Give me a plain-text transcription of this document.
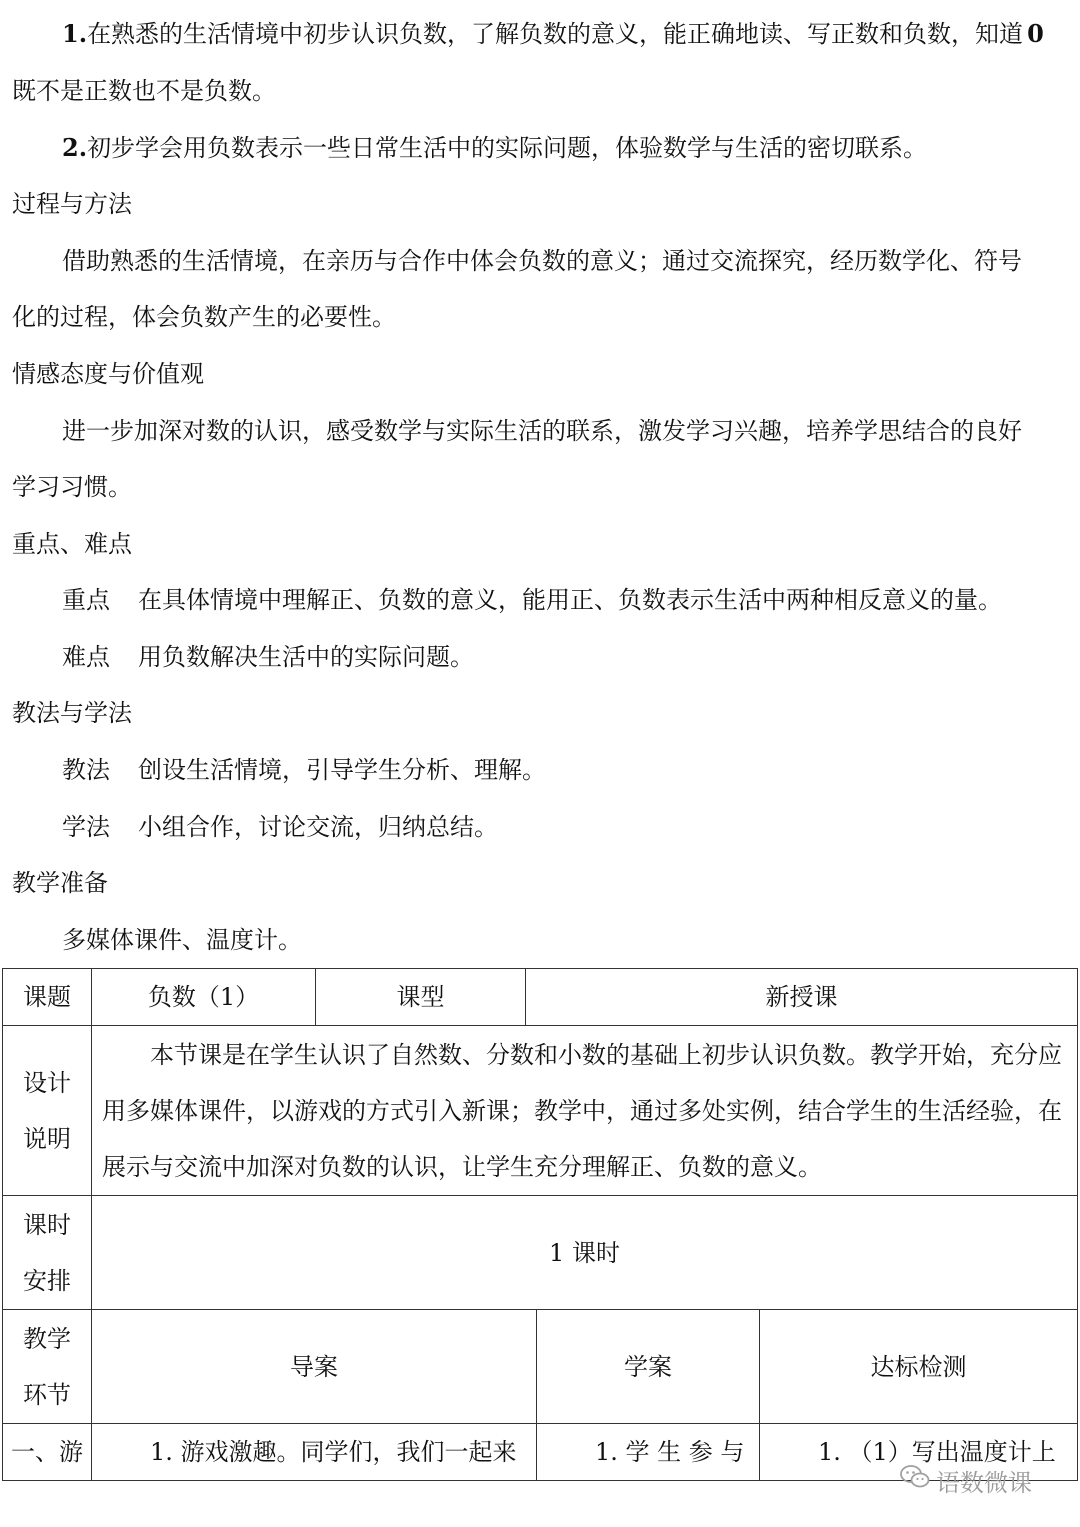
1.在熟悉的生活情境中初步认识负数，了解负数的意义，能正确地读、写正数和负数，知道 0
既不是正数也不是负数。
2.初步学会用负数表示一些日常生活中的实际问题，体验数学与生活的密切联系。
过程与方法
借助熟悉的生活情境，在亲历与合作中体会负数的意义；通过交流探究，经历数学化、符号
化的过程，体会负数产生的必要性。
情感态度与价值观
进一步加深对数的认识，感受数学与实际生活的联系，激发学习兴趣，培养学思结合的良好
学习习惯。
重点、难点
重点 在具体情境中理解正、负数的意义，能用正、负数表示生活中两种相反意义的量。
难点 用负数解决生活中的实际问题。
教法与学法
教法 创设生活情境，引导学生分析、理解。
学法 小组合作，讨论交流，归纳总结。
教学准备
多媒体课件、温度计。
课题	负数（1）	课型	新授课		

设计
说明	本节课是在学生认识了自然数、分数和小数的基础上初步认识负数。教学开始，充分应用多媒体课件，以游戏的方式引入新课；教学中，通过多处实例，结合学生的生活经验，在展示与交流中加深对负数的认识，让学生充分理解正、负数的意义。				

课时
安排	1 课时				

教学
环节	导案			学案	达标检测
一、游	1. 游戏激趣。同学们，我们一起来			1. 学 生 参 与	1. （1）写出温度计上
语数微课
